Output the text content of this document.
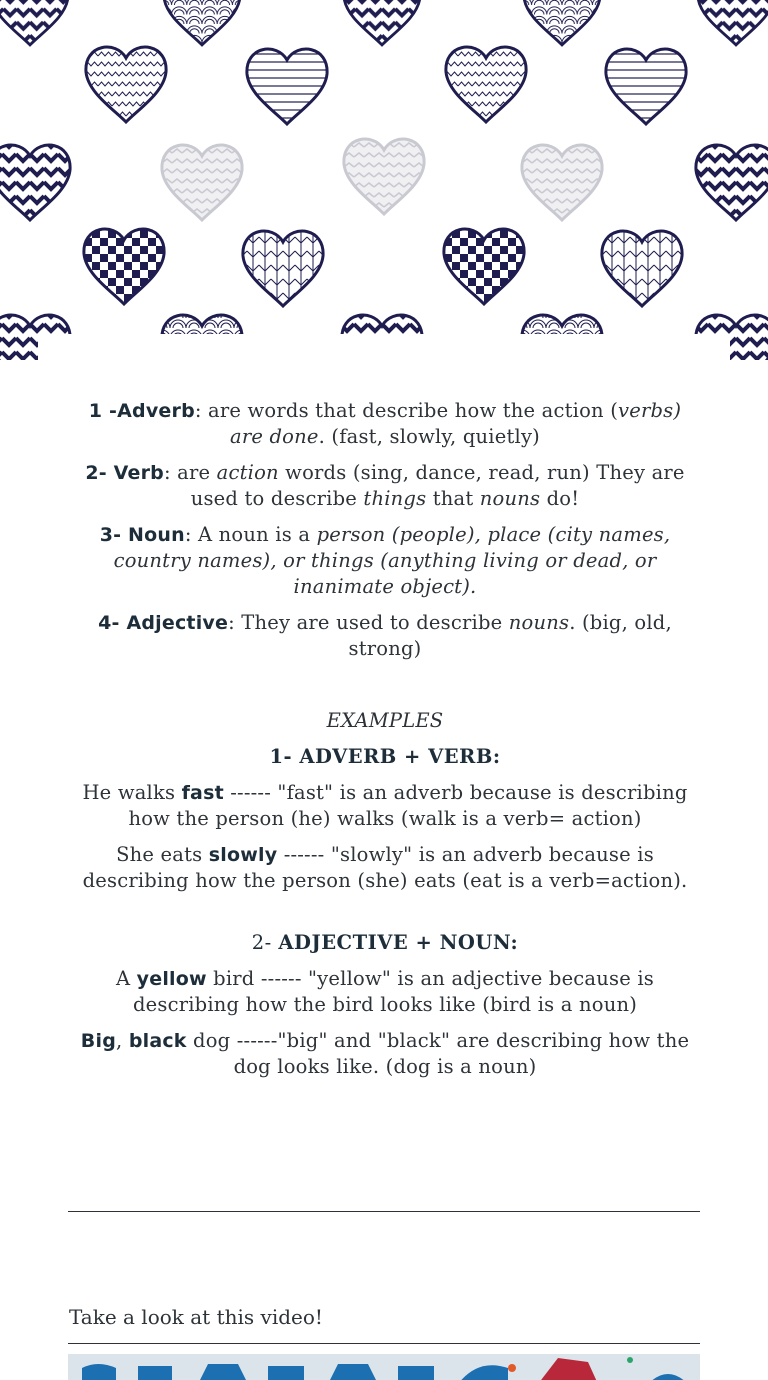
1 -Adverb: are words that describe how the action (verbs) are done. (fast, slowly, quietly)
2- Verb: are action words (sing, dance, read, run) They are used to describe things that nouns do!
3- Noun: A noun is a person (people), place (city names, country names), or things (anything living or dead, or inanimate object).
4- Adjective: They are used to describe nouns. (big, old, strong)
EXAMPLES
1- ADVERB + VERB:
He walks fast ------ "fast" is an adverb because is describing how the person (he) walks (walk is a verb= action)
She eats slowly ------ "slowly" is an adverb because is describing how the person (she) eats (eat is a verb=action).
2- ADJECTIVE + NOUN:
A yellow bird ------ "yellow" is an adjective because is describing how the bird looks like (bird is a noun)
Big, black dog ------"big" and "black" are describing how the dog looks like. (dog is a noun)
Take a look at this video!
